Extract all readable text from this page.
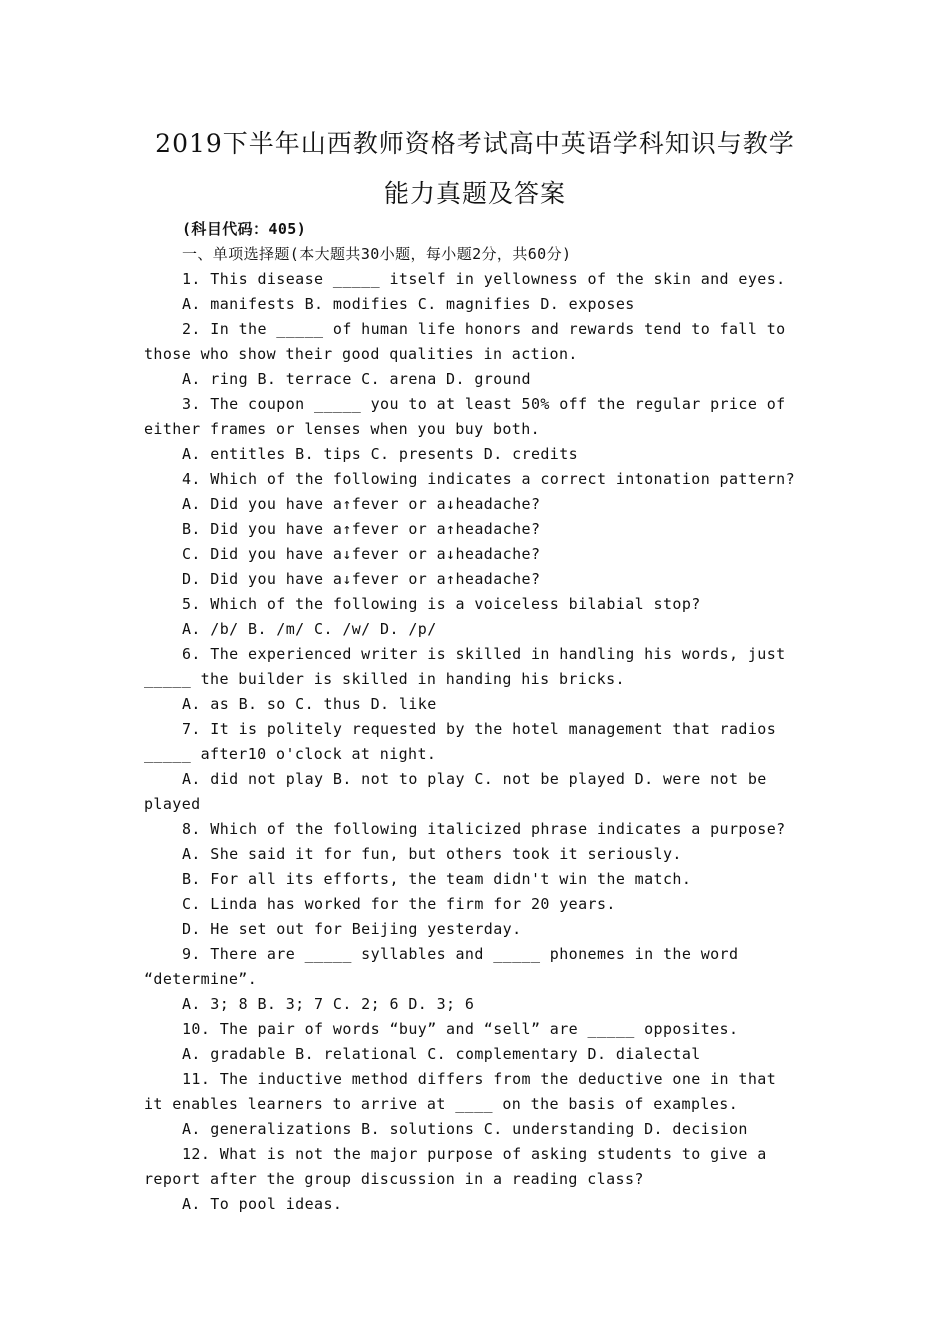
2019下半年山西教师资格考试高中英语学科知识与教学
能力真题及答案
(科目代码：405)
一、单项选择题(本大题共30小题，每小题2分，共60分)
1. This disease _____ itself in yellowness of the skin and eyes.
A. manifests B. modifies C. magnifies D. exposes
2. In the _____ of human life honors and rewards tend to fall to
those who show their good qualities in action.
A. ring B. terrace C. arena D. ground
3. The coupon _____ you to at least 50% off the regular price of
either frames or lenses when you buy both.
A. entitles B. tips C. presents D. credits
4. Which of the following indicates a correct intonation pattern?
A. Did you have a↑fever or a↓headache?
B. Did you have a↑fever or a↑headache?
C. Did you have a↓fever or a↓headache?
D. Did you have a↓fever or a↑headache?
5. Which of the following is a voiceless bilabial stop?
A. /b/ B. /m/ C. /w/ D. /p/
6. The experienced writer is skilled in handling his words, just
_____ the builder is skilled in handing his bricks.
A. as B. so C. thus D. like
7. It is politely requested by the hotel management that radios
_____ after10 o'clock at night.
A. did not play B. not to play C. not be played D. were not be
played
8. Which of the following italicized phrase indicates a purpose?
A. She said it for fun, but others took it seriously.
B. For all its efforts, the team didn't win the match.
C. Linda has worked for the firm for 20 years.
D. He set out for Beijing yesterday.
9. There are _____ syllables and _____ phonemes in the word
“determine”.
A. 3; 8 B. 3; 7 C. 2; 6 D. 3; 6
10. The pair of words “buy” and “sell” are _____ opposites.
A. gradable B. relational C. complementary D. dialectal
11. The inductive method differs from the deductive one in that
it enables learners to arrive at ____ on the basis of examples.
A. generalizations B. solutions C. understanding D. decision
12. What is not the major purpose of asking students to give a
report after the group discussion in a reading class?
A. To pool ideas.
